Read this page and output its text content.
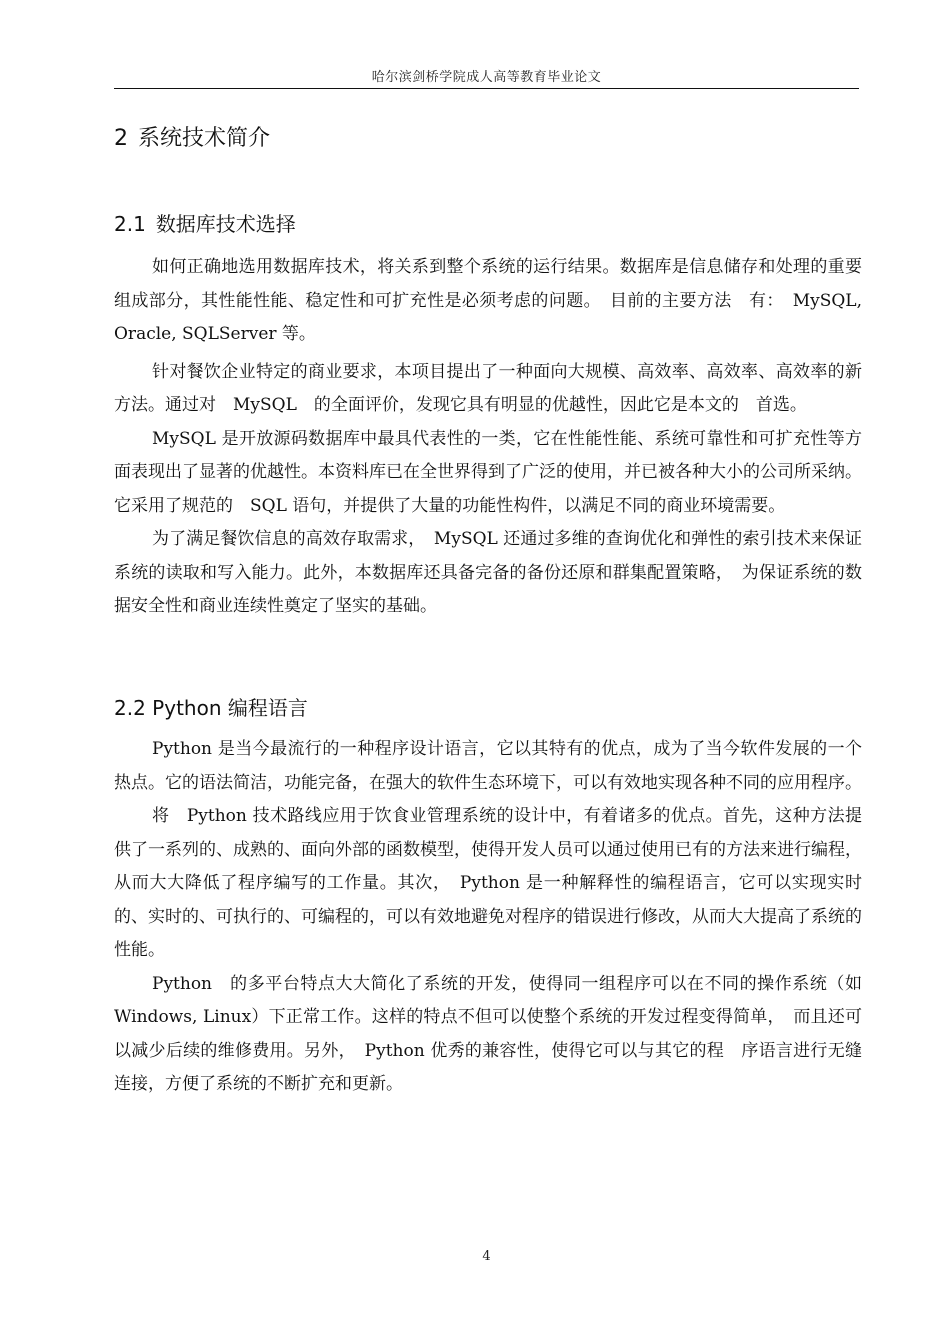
哈尔滨剑桥学院成人高等教育毕业论文
2 系统技术简介
2.1 数据库技术选择

如何正确地选用数据库技术，将关系到整个系统的运行结果。数据库是信息储存和处理的重要组成部分，其性能性能、稳定性和可扩充性是必须考虑的问题。　目前的主要方法　有：　MySQL, Oracle, SQLServer 等。

针对餐饮企业特定的商业要求，本项目提出了一种面向大规模、高效率、高效率、高效率的新方法。通过对　MySQL　的全面评价，发现它具有明显的优越性，因此它是本文的　首选。

MySQL 是开放源码数据库中最具代表性的一类，它在性能性能、系统可靠性和可扩充性等方面表现出了显著的优越性。本资料库已在全世界得到了广泛的使用，并已被各种大小的公司所采纳。它采用了规范的　SQL 语句，并提供了大量的功能性构件，以满足不同的商业环境需要。

为了满足餐饮信息的高效存取需求，　MySQL 还通过多维的查询优化和弹性的索引技术来保证系统的读取和写入能力。此外，本数据库还具备完备的备份还原和群集配置策略，　为保证系统的数据安全性和商业连续性奠定了坚实的基础。

2.2 Python 编程语言

Python 是当今最流行的一种程序设计语言，它以其特有的优点，成为了当今软件发展的一个热点。它的语法简洁，功能完备，在强大的软件生态环境下，可以有效地实现各种不同的应用程序。

将　Python 技术路线应用于饮食业管理系统的设计中，有着诸多的优点。首先，这种方法提供了一系列的、成熟的、面向外部的函数模型，使得开发人员可以通过使用已有的方法来进行编程，从而大大降低了程序编写的工作量。其次，　Python 是一种解释性的编程语言，它可以实现实时的、实时的、可执行的、可编程的，可以有效地避免对程序的错误进行修改，从而大大提高了系统的性能。

Python　的多平台特点大大简化了系统的开发，使得同一组程序可以在不同的操作系统（如　Windows, Linux）下正常工作。这样的特点不但可以使整个系统的开发过程变得简单，　而且还可以减少后续的维修费用。另外，　Python 优秀的兼容性，使得它可以与其它的程　序语言进行无缝连接，方便了系统的不断扩充和更新。

4
